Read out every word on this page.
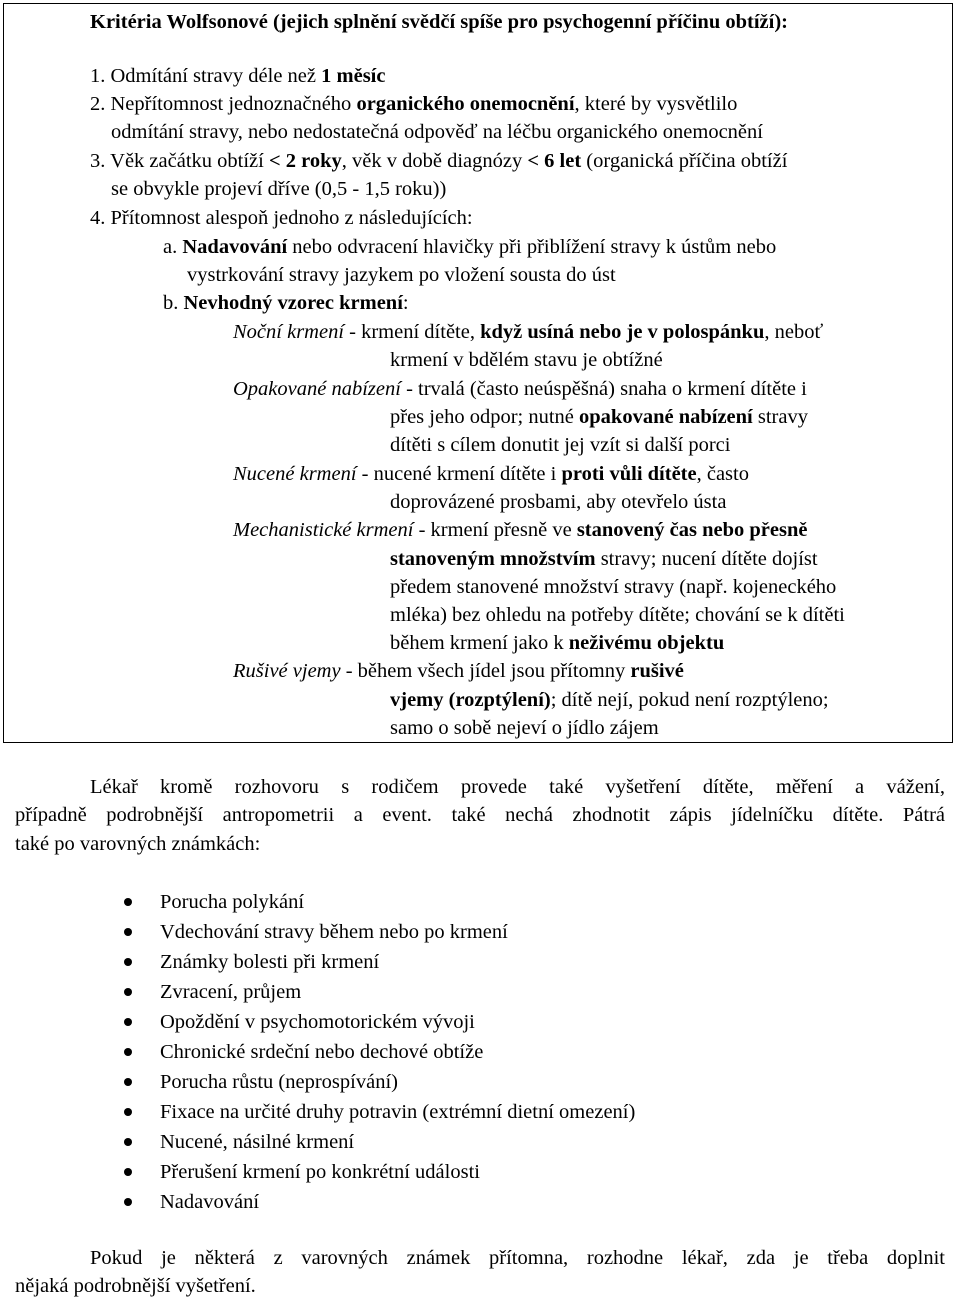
Kritéria Wolfsonové (jejich splnění svědčí spíše pro psychogenní příčinu obtíží):
1. Odmítání stravy déle než 1 měsíc
2. Nepřítomnost jednoznačného organického onemocnění, které by vysvětlilo
odmítání stravy, nebo nedostatečná odpověď na léčbu organického onemocnění
3. Věk začátku obtíží < 2 roky, věk v době diagnózy < 6 let (organická příčina obtíží
se obvykle projeví dříve (0,5 - 1,5 roku))
4. Přítomnost alespoň jednoho z následujících:
a. Nadavování nebo odvracení hlavičky při přiblížení stravy k ústům nebo
vystrkování stravy jazykem po vložení sousta do úst
b. Nevhodný vzorec krmení:
Noční krmení - krmení dítěte, když usíná nebo je v polospánku, neboť
krmení v bdělém stavu je obtížné
Opakované nabízení - trvalá (často neúspěšná) snaha o krmení dítěte i
přes jeho odpor; nutné opakované nabízení stravy
dítěti s cílem donutit jej vzít si další porci
Nucené krmení - nucené krmení dítěte i proti vůli dítěte, často
doprovázené prosbami, aby otevřelo ústa
Mechanistické krmení - krmení přesně ve stanovený čas nebo přesně
stanoveným množstvím stravy; nucení dítěte dojíst
předem stanovené množství stravy (např. kojeneckého
mléka) bez ohledu na potřeby dítěte; chování se k dítěti
během krmení jako k neživému objektu
Rušivé vjemy - během všech jídel jsou přítomny rušivé
vjemy (rozptýlení); dítě nejí, pokud není rozptýleno;
samo o sobě nejeví o jídlo zájem
Lékař kromě rozhovoru s rodičem provede také vyšetření dítěte, měření a vážení,
případně podrobnější antropometrii a event. také nechá zhodnotit zápis jídelníčku dítěte. Pátrá
také po varovných známkách:
Porucha polykání
Vdechování stravy během nebo po krmení
Známky bolesti při krmení
Zvracení, průjem
Opoždění v psychomotorickém vývoji
Chronické srdeční nebo dechové obtíže
Porucha růstu (neprospívání)
Fixace na určité druhy potravin (extrémní dietní omezení)
Nucené, násilné krmení
Přerušení krmení po konkrétní události
Nadavování
Pokud je některá z varovných známek přítomna, rozhodne lékař, zda je třeba doplnit
nějaká podrobnější vyšetření.
